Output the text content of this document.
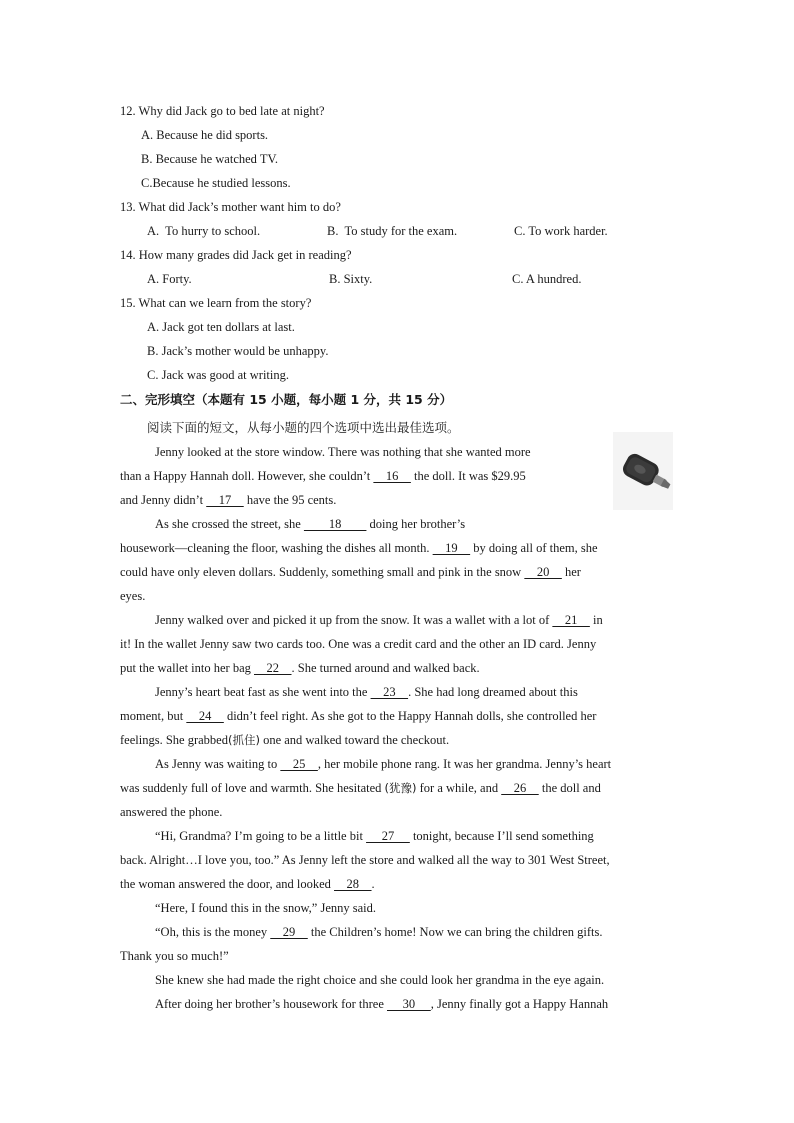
12. Why did Jack go to bed late at night?
A. Because he did sports.
B. Because he watched TV.
C.Because he studied lessons.
13. What did Jack’s mother want him to do?
A.  To hurry to school.	B.  To study for the exam.	C. To work harder.
14. How many grades did Jack get in reading?
A. Forty.	B. Sixty.	C. A hundred.
15. What can we learn from the story?
A. Jack got ten dollars at last.
B. Jack’s mother would be unhappy.
C. Jack was good at writing.
二、完形填空（本题有 15 小题，每小题 1 分，共 15 分）
阅读下面的短文，从每小题的四个选项中选出最佳选项。
Jenny looked at the store window. There was nothing that she wanted more
than a Happy Hannah doll. However, she couldn’t     16     the doll. It was $29.95
and Jenny didn’t     17     have the 95 cents.
As she crossed the street, she         18         doing her brother’s
housework—cleaning the floor, washing the dishes all month.     19     by doing all of them, she
could have only eleven dollars. Suddenly, something small and pink in the snow     20     her
eyes.
Jenny walked over and picked it up from the snow. It was a wallet with a lot of     21     in
it! In the wallet Jenny saw two cards too. One was a credit card and the other an ID card. Jenny
put the wallet into her bag     22    . She turned around and walked back.
Jenny’s heart beat fast as she went into the     23    . She had long dreamed about this
moment, but     24     didn’t feel right. As she got to the Happy Hannah dolls, she controlled her
feelings. She grabbed(抓住) one and walked toward the checkout.
As Jenny was waiting to     25    , her mobile phone rang. It was her grandma. Jenny’s heart
was suddenly full of love and warmth. She hesitated (犹豫) for a while, and     26     the doll and
answered the phone.
“Hi, Grandma? I’m going to be a little bit      27      tonight, because I’ll send something
back. Alright…I love you, too.” As Jenny left the store and walked all the way to 301 West Street,
the woman answered the door, and looked     28    .
“Here, I found this in the snow,” Jenny said.
“Oh, this is the money     29     the Children’s home! Now we can bring the children gifts.
Thank you so much!”
She knew she had made the right choice and she could look her grandma in the eye again.
After doing her brother’s housework for three      30     , Jenny finally got a Happy Hannah
